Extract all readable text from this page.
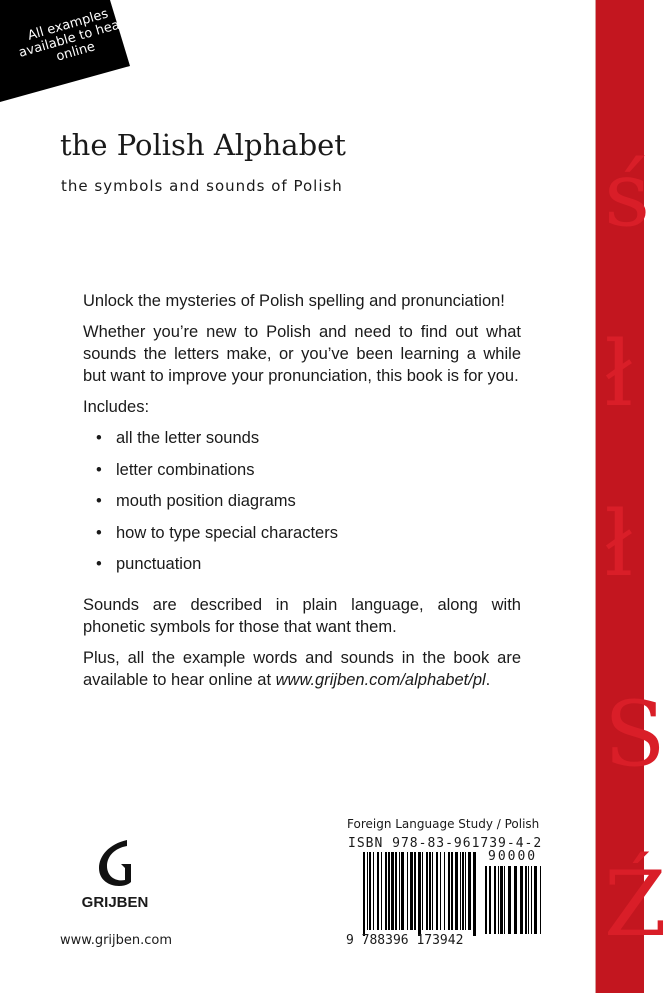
All examples available to hear online
ś
ł
ł
S
Ź
the Polish Alphabet
the symbols and sounds of Polish

Unlock the mysteries of Polish spelling and pronunciation!

Whether you’re new to Polish and need to find out what sounds the letters make, or you’ve been learning a while but want to improve your pronunciation, this book is for you.

Includes:

• all the letter sounds
• letter combinations
• mouth position diagrams
• how to type special characters
• punctuation

Sounds are described in plain language, along with phonetic symbols for those that want them.

Plus, all the example words and sounds in the book are available to hear online at www.grijben.com/alphabet/pl.

Foreign Language Study / Polish
ISBN 978-83-961739-4-2
90000
9 788396 173942
GRIJBEN
www.grijben.com
